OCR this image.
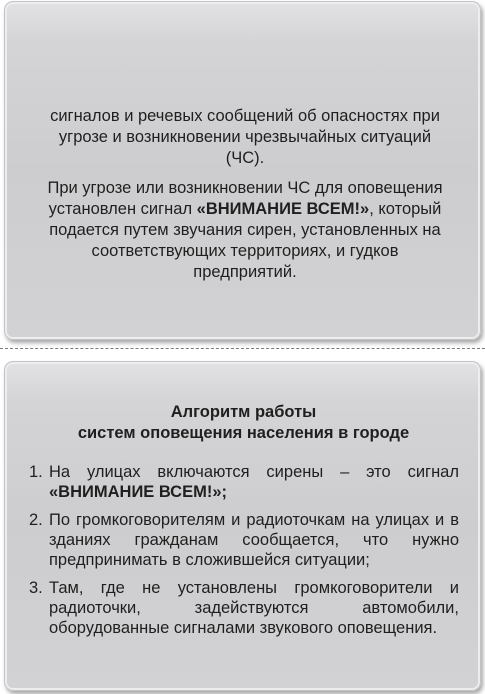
сигналов и речевых сообщений об опасностях при угрозе и возникновении чрезвычайных ситуаций (ЧС).

При угрозе или возникновении ЧС для оповещения установлен сигнал «ВНИМАНИЕ ВСЕМ!», который подается путем звучания сирен, установленных на соответствующих территориях, и гудков предприятий.

Алгоритм работы
систем оповещения населения в городе
1. На улицах включаются сирены – это сигнал «ВНИМАНИЕ ВСЕМ!»;
2. По громкоговорителям и радиоточкам на улицах и в зданиях гражданам сообщается, что нужно предпринимать в сложившейся ситуации;
3. Там, где не установлены громкоговорители и радиоточки, задействуются автомобили, оборудованные сигналами звукового оповещения.
